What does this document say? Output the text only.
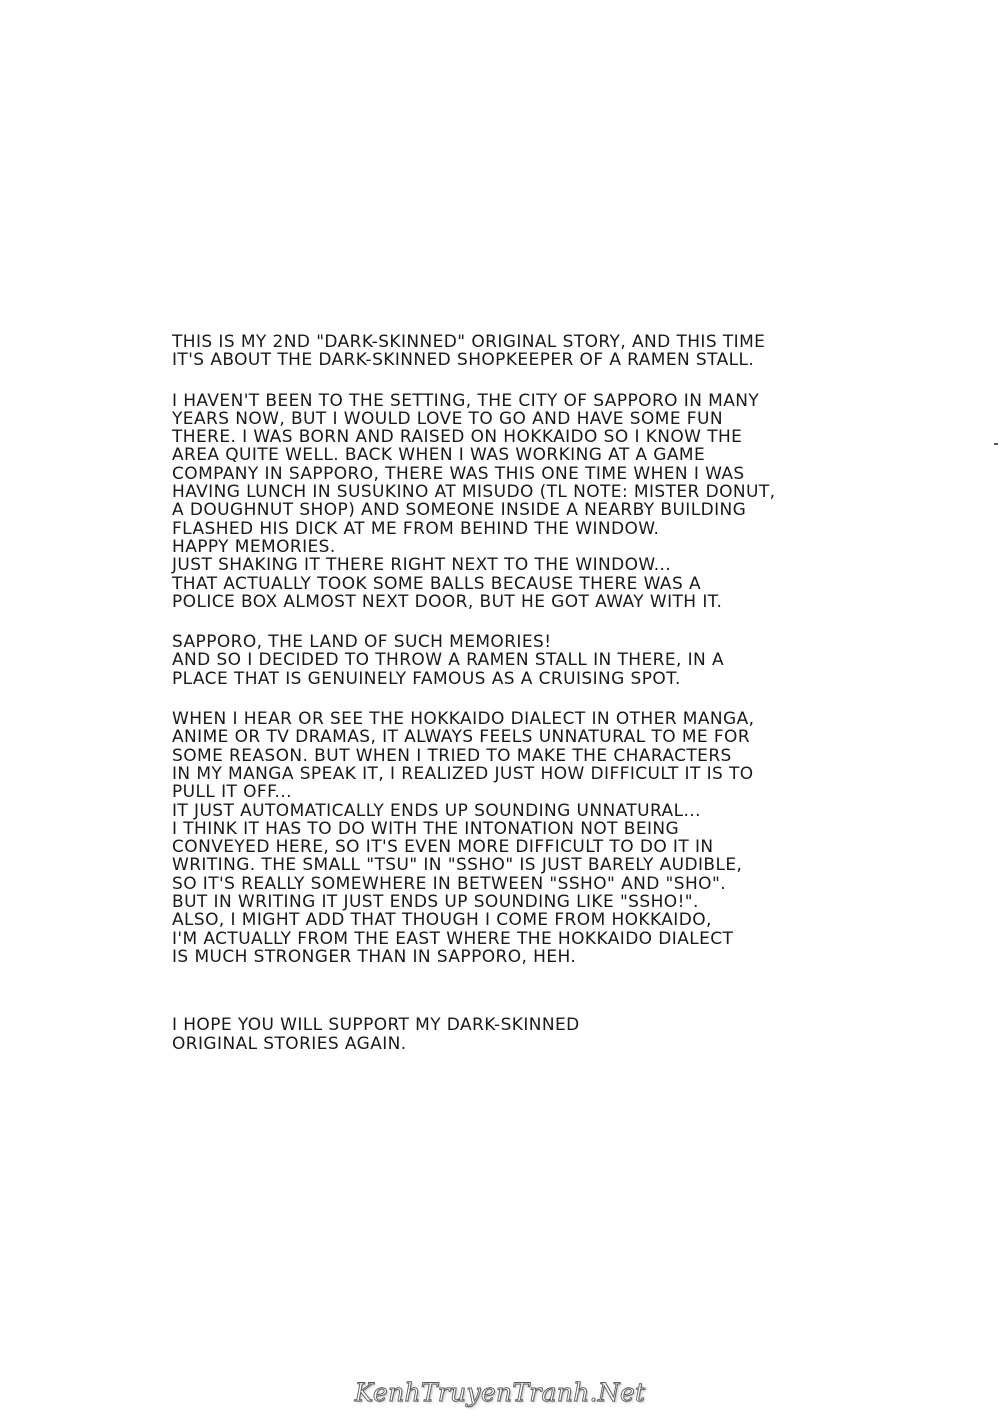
THIS IS MY 2ND "DARK-SKINNED" ORIGINAL STORY, AND THIS TIME
IT'S ABOUT THE DARK-SKINNED SHOPKEEPER OF A RAMEN STALL.
I HAVEN'T BEEN TO THE SETTING, THE CITY OF SAPPORO IN MANY
YEARS NOW, BUT I WOULD LOVE TO GO AND HAVE SOME FUN
THERE. I WAS BORN AND RAISED ON HOKKAIDO SO I KNOW THE
AREA QUITE WELL. BACK WHEN I WAS WORKING AT A GAME
COMPANY IN SAPPORO, THERE WAS THIS ONE TIME WHEN I WAS
HAVING LUNCH IN SUSUKINO AT MISUDO (TL NOTE: MISTER DONUT,
A DOUGHNUT SHOP) AND SOMEONE INSIDE A NEARBY BUILDING
FLASHED HIS DICK AT ME FROM BEHIND THE WINDOW.
HAPPY MEMORIES.
JUST SHAKING IT THERE RIGHT NEXT TO THE WINDOW...
THAT ACTUALLY TOOK SOME BALLS BECAUSE THERE WAS A
POLICE BOX ALMOST NEXT DOOR, BUT HE GOT AWAY WITH IT.
SAPPORO, THE LAND OF SUCH MEMORIES!
AND SO I DECIDED TO THROW A RAMEN STALL IN THERE, IN A
PLACE THAT IS GENUINELY FAMOUS AS A CRUISING SPOT.
WHEN I HEAR OR SEE THE HOKKAIDO DIALECT IN OTHER MANGA,
ANIME OR TV DRAMAS, IT ALWAYS FEELS UNNATURAL TO ME FOR
SOME REASON. BUT WHEN I TRIED TO MAKE THE CHARACTERS
IN MY MANGA SPEAK IT, I REALIZED JUST HOW DIFFICULT IT IS TO
PULL IT OFF...
IT JUST AUTOMATICALLY ENDS UP SOUNDING UNNATURAL...
I THINK IT HAS TO DO WITH THE INTONATION NOT BEING
CONVEYED HERE, SO IT'S EVEN MORE DIFFICULT TO DO IT IN
WRITING. THE SMALL "TSU" IN "SSHO" IS JUST BARELY AUDIBLE,
SO IT'S REALLY SOMEWHERE IN BETWEEN "SSHO" AND "SHO".
BUT IN WRITING IT JUST ENDS UP SOUNDING LIKE "SSHO!".
ALSO, I MIGHT ADD THAT THOUGH I COME FROM HOKKAIDO,
I'M ACTUALLY FROM THE EAST WHERE THE HOKKAIDO DIALECT
IS MUCH STRONGER THAN IN SAPPORO, HEH.
I HOPE YOU WILL SUPPORT MY DARK-SKINNED
ORIGINAL STORIES AGAIN.
KenhTruyenTranh.Net
